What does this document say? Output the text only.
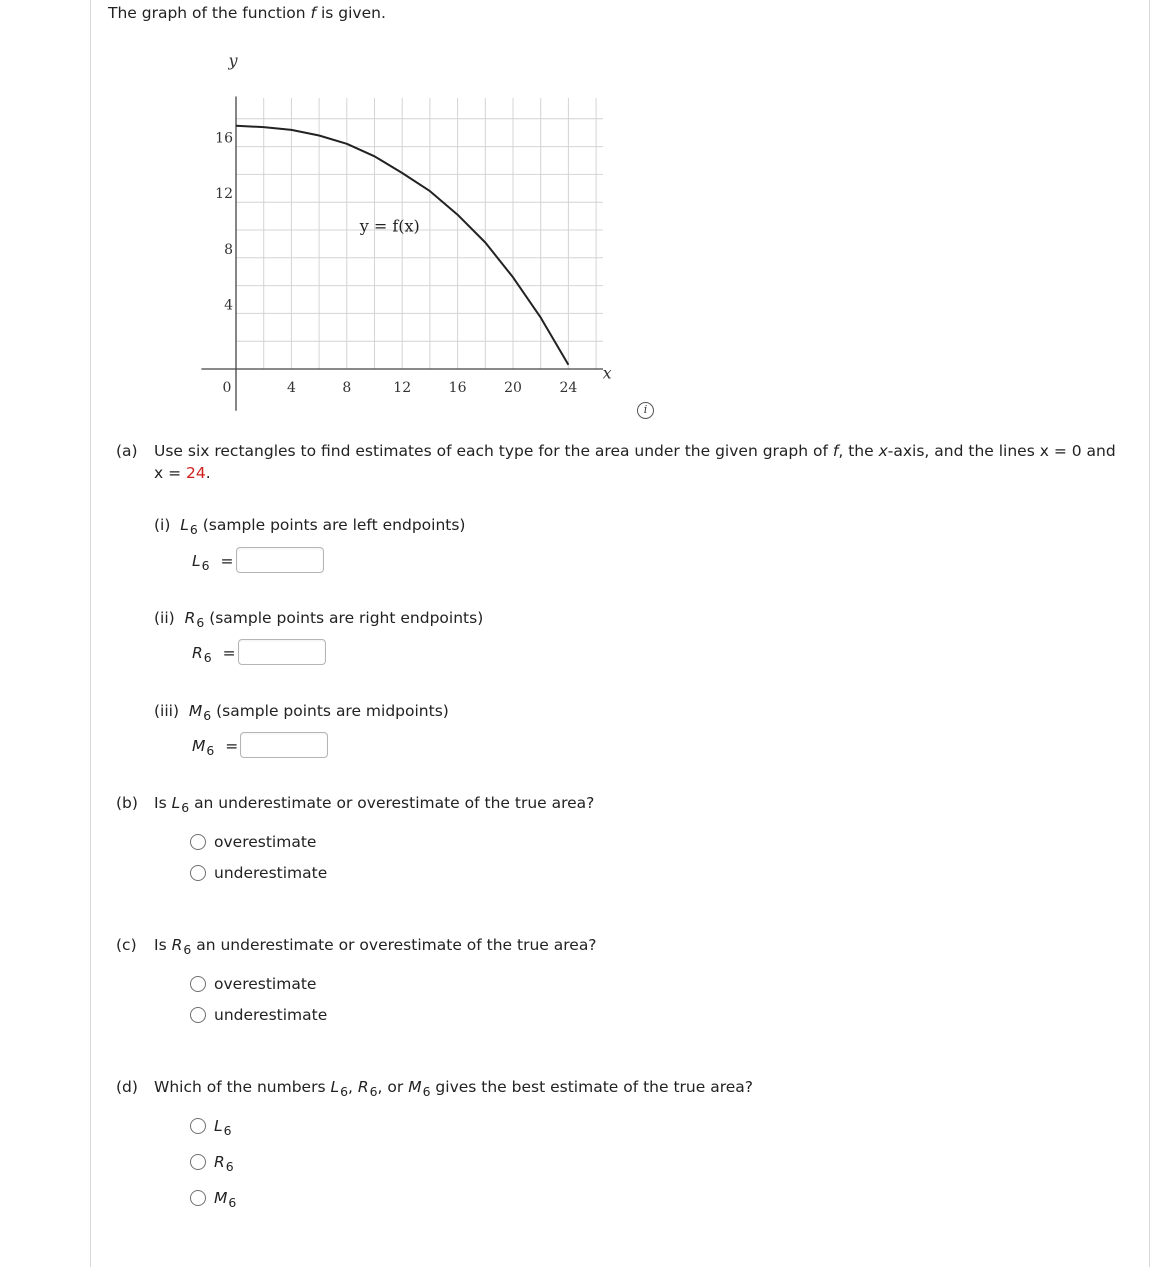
The graph of the function f is given.
4
8
12
16
0	4	8	12	16	20	24
y
x
y = f(x)
i
(a) Use six rectangles to find estimates of each type for the area under the given graph of f, the x-axis, and the lines x = 0 and
x = 24.
(i) $L_6$ (sample points are left endpoints)
$L_6$ =
(ii) $R_6$ (sample points are right endpoints)
$R_6$ =
(iii) $M_6$ (sample points are midpoints)
$M_6$ =
(b) Is $L_6$ an underestimate or overestimate of the true area?
overestimate
underestimate
(c) Is $R_6$ an underestimate or overestimate of the true area?
overestimate
underestimate
(d) Which of the numbers $L_6$, $R_6$, or $M_6$ gives the best estimate of the true area?
$L_6$
$R_6$
$M_6$
